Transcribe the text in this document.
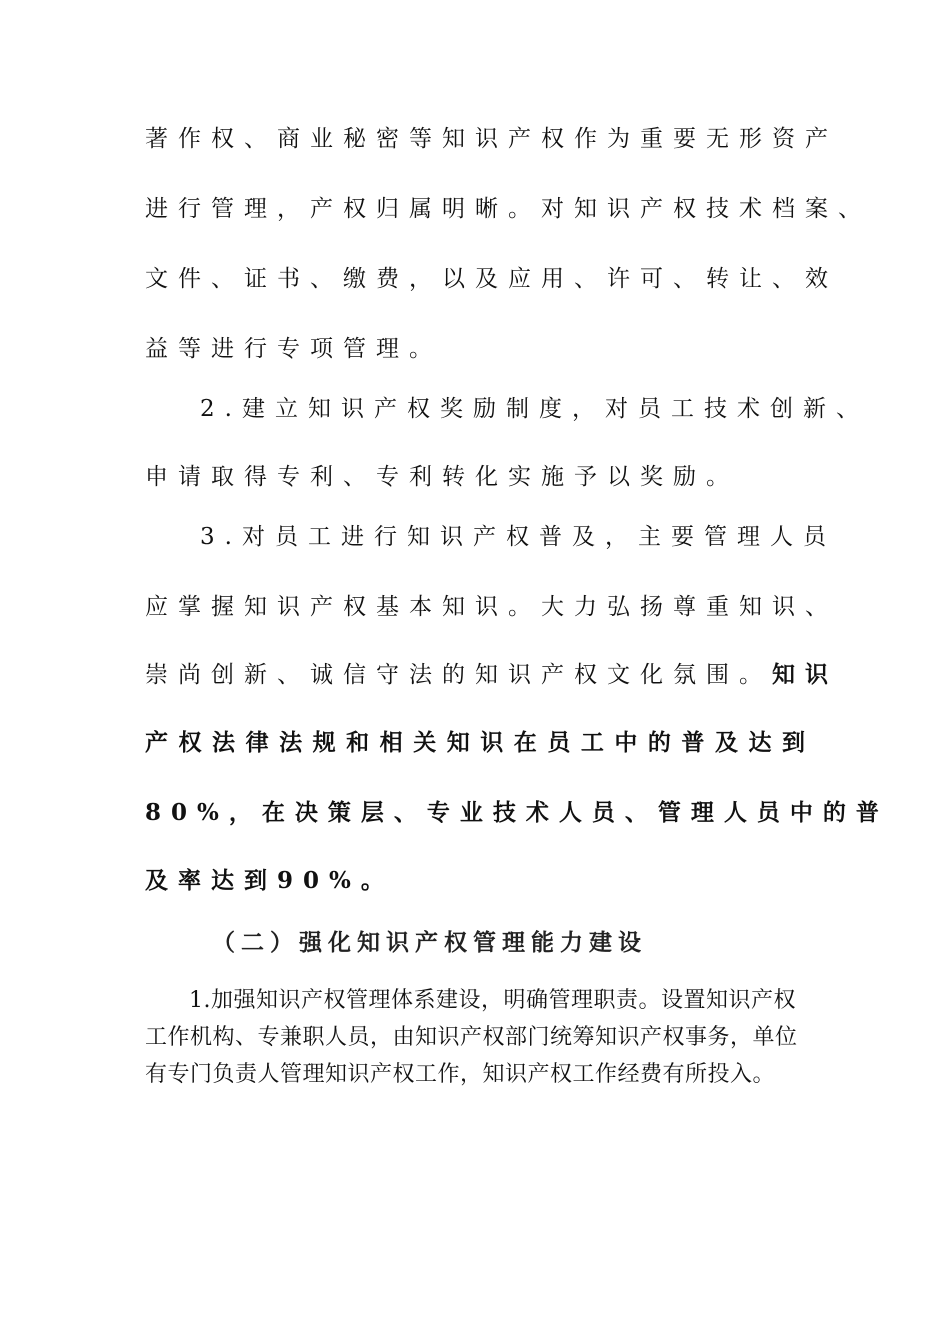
著作权、商业秘密等知识产权作为重要无形资产
进行管理，产权归属明晰。对知识产权技术档案、
文件、证书、缴费，以及应用、许可、转让、效
益等进行专项管理。
2.建立知识产权奖励制度，对员工技术创新、
申请取得专利、专利转化实施予以奖励。
3.对员工进行知识产权普及，主要管理人员
应掌握知识产权基本知识。大力弘扬尊重知识、
崇尚创新、诚信守法的知识产权文化氛围。知识
产权法律法规和相关知识在员工中的普及达到
80%，在决策层、专业技术人员、管理人员中的普
及率达到90%。
（二）强化知识产权管理能力建设
1.加强知识产权管理体系建设，明确管理职责。设置知识产权工作机构、专兼职人员，由知识产权部门统筹知识产权事务，单位有专门负责人管理知识产权工作，知识产权工作经费有所投入。
